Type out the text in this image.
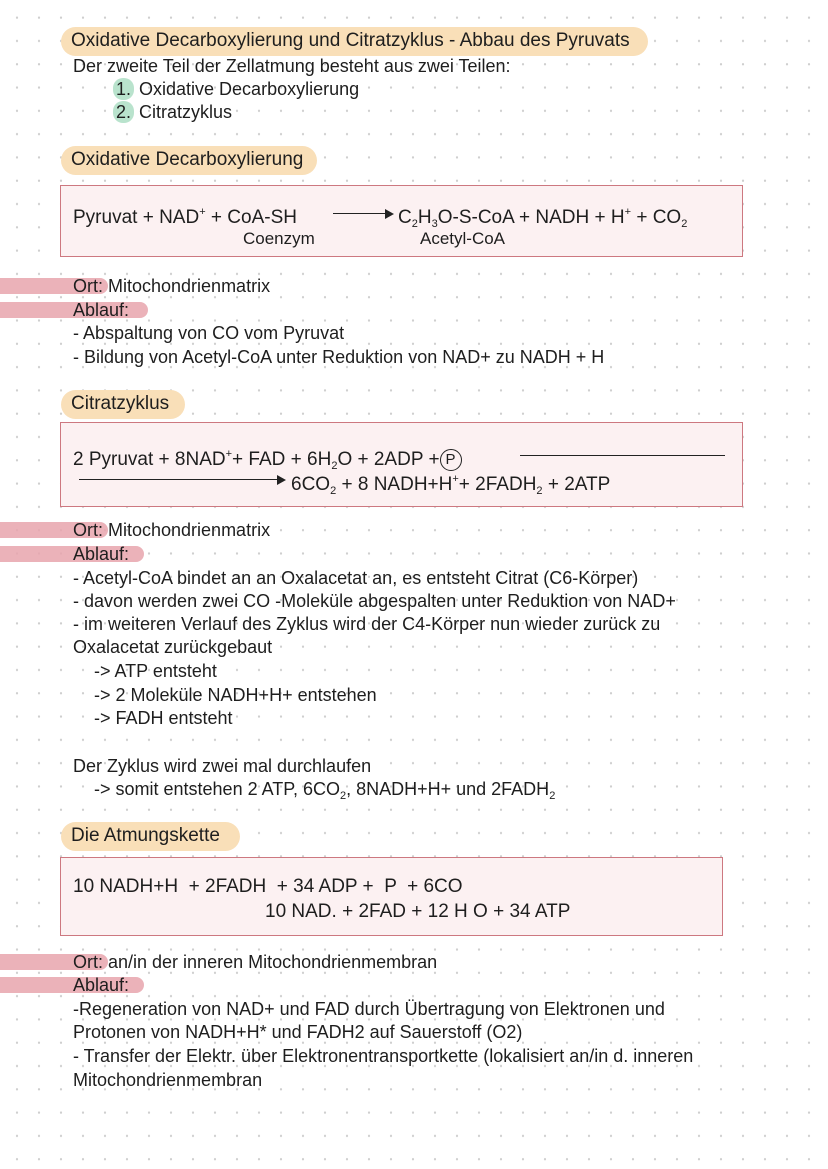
Oxidative Decarboxylierung und Citratzyklus - Abbau des Pyruvats
Der zweite Teil der Zellatmung besteht aus zwei Teilen:
1. Oxidative Decarboxylierung
2. Citratzyklus
Oxidative Decarboxylierung
Pyruvat + NAD+ + CoA-SH	$C_2H_3O-S$-CoA + NADH + $H^+ + CO_2$
Coenzym	Acetyl-CoA
Ort: Mitochondrienmatrix
Ablauf:
- Abspaltung von CO vom Pyruvat
- Bildung von Acetyl-CoA unter Reduktion von NAD+ zu NADH + H
Citratzyklus
2 Pyruvat + 8NAD++ FAD + $6H_2O + 2ADP + P$
$6CO_2 + 8$ NADH+H++ $2FADH_2 + 2ATP$
Ort: Mitochondrienmatrix
Ablauf:
- Acetyl-CoA bindet an an Oxalacetat an, es entsteht Citrat (C6-Körper)
- davon werden zwei CO -Moleküle abgespalten unter Reduktion von NAD+
- im weiteren Verlauf des Zyklus wird der C4-Körper nun wieder zurück zu
Oxalacetat zurückgebaut
-> ATP entsteht
-> 2 Moleküle NADH+H+ entstehen
-> FADH entsteht
Der Zyklus wird zwei mal durchlaufen
-> somit entstehen 2 ATP, $6CO_2$, 8NADH+H+ und $2FADH_2$
Die Atmungskette
10 NADH+H  + 2FADH  + 34 ADP +  P  + 6CO
10 NAD. + 2FAD + 12 H O + 34 ATP
Ort: an/in der inneren Mitochondrienmembran
Ablauf:
-Regeneration von NAD+ und FAD durch Übertragung von Elektronen und
Protonen von NADH+H* und FADH2 auf Sauerstoff (O2)
- Transfer der Elektr. über Elektronentransportkette (lokalisiert an/in d. inneren
Mitochondrienmembran
